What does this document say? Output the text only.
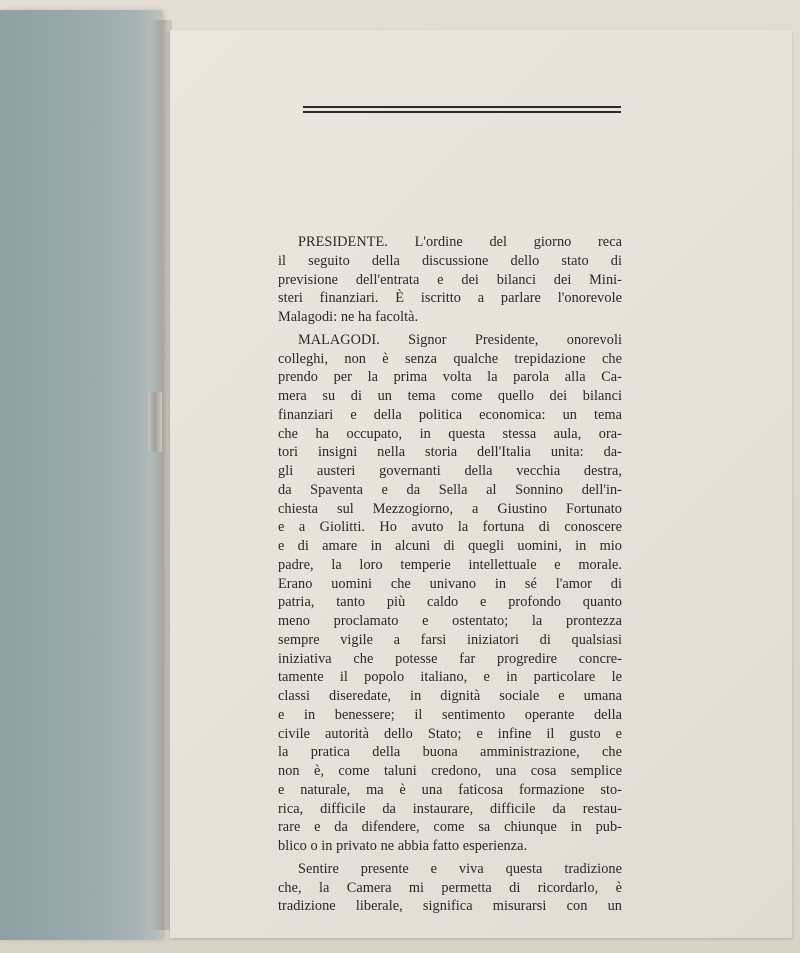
PRESIDENTE. L'ordine del giorno reca
il seguito della discussione dello stato di
previsione dell'entrata e dei bilanci dei Mini-
steri finanziari. È iscritto a parlare l'onorevole
Malagodi: ne ha facoltà.
MALAGODI. Signor Presidente, onorevoli
colleghi, non è senza qualche trepidazione che
prendo per la prima volta la parola alla Ca-
mera su di un tema come quello dei bilanci
finanziari e della politica economica: un tema
che ha occupato, in questa stessa aula, ora-
tori insigni nella storia dell'Italia unita: da-
gli austeri governanti della vecchia destra,
da Spaventa e da Sella al Sonnino dell'in-
chiesta sul Mezzogiorno, a Giustino Fortunato
e a Giolitti. Ho avuto la fortuna di conoscere
e di amare in alcuni di quegli uomini, in mio
padre, la loro temperie intellettuale e morale.
Erano uomini che univano in sé l'amor di
patria, tanto più caldo e profondo quanto
meno proclamato e ostentato; la prontezza
sempre vigile a farsi iniziatori di qualsiasi
iniziativa che potesse far progredire concre-
tamente il popolo italiano, e in particolare le
classi diseredate, in dignità sociale e umana
e in benessere; il sentimento operante della
civile autorità dello Stato; e infine il gusto e
la pratica della buona amministrazione, che
non è, come taluni credono, una cosa semplice
e naturale, ma è una faticosa formazione sto-
rica, difficile da instaurare, difficile da restau-
rare e da difendere, come sa chiunque in pub-
blico o in privato ne abbia fatto esperienza.
Sentire presente e viva questa tradizione
che, la Camera mi permetta di ricordarlo, è
tradizione liberale, significa misurarsi con un
